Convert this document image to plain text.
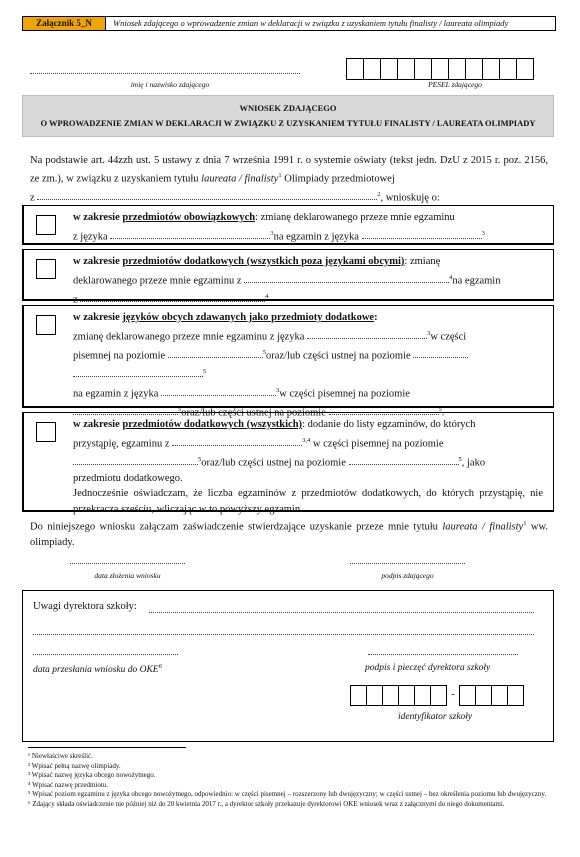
Załącznik 5_N	Wniosek zdającego o wprowadzenie zmian w deklaracji w związku z uzyskaniem tytułu finalisty / laureata olimpiady
imię i nazwisko zdającego	PESEL zdającego
WNIOSEK ZDAJĄCEGO
O WPROWADZENIE ZMIAN W DEKLARACJI W ZWIĄZKU Z UZYSKANIEM TYTUŁU FINALISTY / LAUREATA OLIMPIADY

Na podstawie art. 44zzh ust. 5 ustawy z dnia 7 września 1991 r. o systemie oświaty (tekst jedn. DzU z 2015 r. poz. 2156, ze zm.), w związku z uzyskaniem tytułu laureata / finalisty$^1$ Olimpiady przedmiotowej
z	$^2$, wnioskuję o:

w zakresie przedmiotów obowiązkowych: zmianę deklarowanego przeze mnie egzaminu
z języka	$^3$na egzamin z języka	$^3$
w zakresie przedmiotów dodatkowych (wszystkich poza językami obcymi): zmianę
deklarowanego przeze mnie egzaminu z	$^4$na egzamin
z	$^4$
w zakresie języków obcych zdawanych jako przedmioty dodatkowe:
zmianę deklarowanego przeze mnie egzaminu z języka	$^3$w części
pisemnej na poziomie	$^5$oraz/lub części ustnej na poziomie
$^5$
na egzamin z języka	$^3$w części pisemnej na poziomie
$^5$oraz/lub części ustnej na poziomie	$^5$.
w zakresie przedmiotów dodatkowych (wszystkich): dodanie do listy egzaminów, do których
przystąpię, egzaminu z	$^{3,4}$ w części pisemnej na poziomie
$^5$oraz/lub części ustnej na poziomie	$^5$, jako
przedmiotu dodatkowego.

Jednocześnie oświadczam, że liczba egzaminów z przedmiotów dodatkowych, do których przystąpię, nie przekracza sześciu, wliczając w to powyższy egzamin.

Do niniejszego wniosku załączam zaświadczenie stwierdzające uzyskanie przeze mnie tytułu laureata / finalisty$^1$ ww. olimpiady.

data złożenia wniosku	podpis zdającego
Uwagi dyrektora szkoły:
data przesłania wniosku do OKE$^6$	podpis i pieczęć dyrektora szkoły
-
identyfikator szkoły
¹ Niewłaściwe skreślić.
² Wpisać pełną nazwę olimpiady.
³ Wpisać nazwę języka obcego nowożytnego.
⁴ Wpisać nazwę przedmiotu.
⁵ Wpisać poziom egzaminu z języka obcego nowożytnego, odpowiednio: w części pisemnej – rozszerzony lub dwujęzyczny; w części ustnej – bez określenia poziomu lub dwujęzyczny.
⁶ Zdający składa oświadczenie nie później niż do 20 kwietnia 2017 r., a dyrektor szkoły przekazuje dyrektorowi OKE wniosek wraz z załącznymi do niego dokumentami.
